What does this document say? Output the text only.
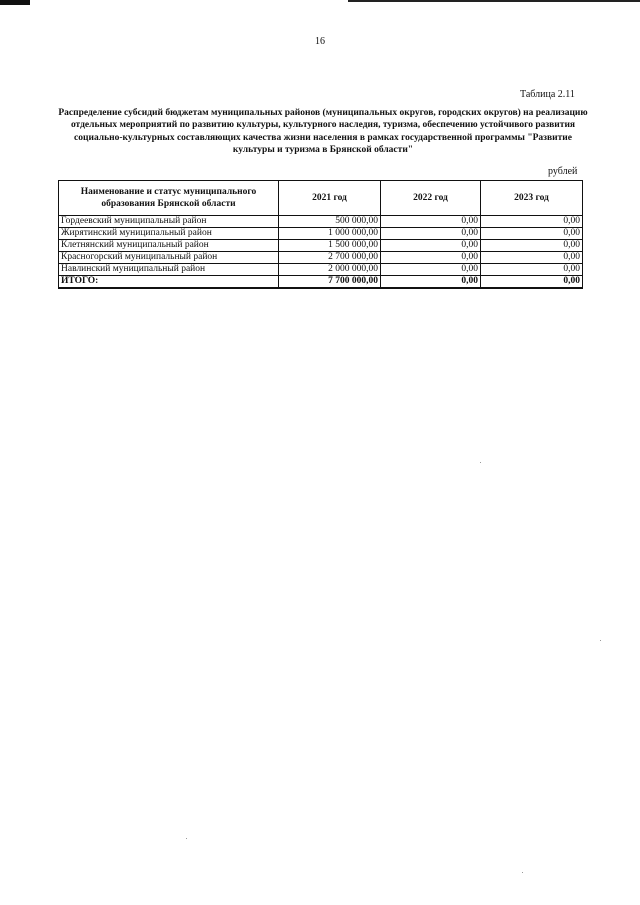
16
Таблица 2.11
Распределение субсидий бюджетам муниципальных районов (муниципальных округов, городских округов) на реализацию отдельных мероприятий по развитию культуры, культурного наследия, туризма, обеспечению устойчивого развития социально-культурных составляющих качества жизни населения в рамках государственной программы "Развитие культуры и туризма в Брянской области"
рублей
Наименование и статус муниципального образования Брянской области	2021 год	2022 год	2023 год
Гордеевский муниципальный район	500 000,00	0,00	0,00
Жирятинский муниципальный район	1 000 000,00	0,00	0,00
Клетнянский муниципальный район	1 500 000,00	0,00	0,00
Красногорский муниципальный район	2 700 000,00	0,00	0,00
Навлинский муниципальный район	2 000 000,00	0,00	0,00
ИТОГО:	7 700 000,00	0,00	0,00
